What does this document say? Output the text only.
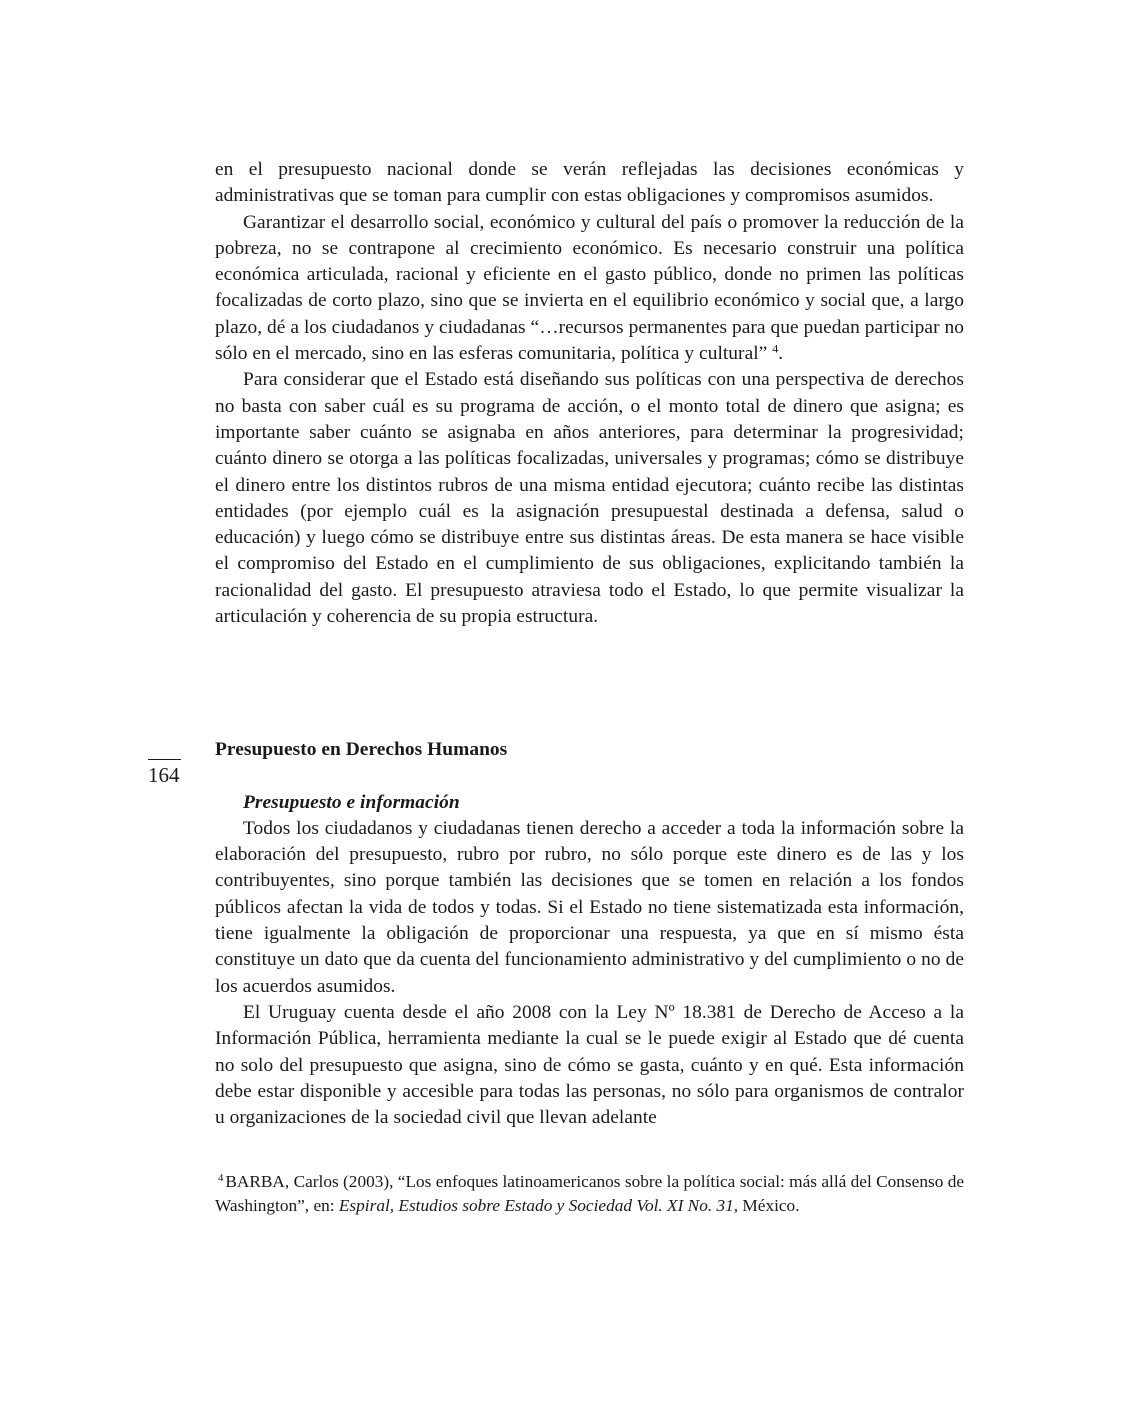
en el presupuesto nacional donde se verán reflejadas las decisiones económicas y administrativas que se toman para cumplir con estas obligaciones y compromisos asumidos.

Garantizar el desarrollo social, económico y cultural del país o promover la reducción de la pobreza, no se contrapone al crecimiento económico. Es necesario construir una política económica articulada, racional y eficiente en el gasto público, donde no primen las políticas focalizadas de corto plazo, sino que se invierta en el equilibrio económico y social que, a largo plazo, dé a los ciudadanos y ciudadanas “…recursos permanentes para que puedan participar no sólo en el mercado, sino en las esferas comunitaria, política y cultural” $^4$.

Para considerar que el Estado está diseñando sus políticas con una perspectiva de derechos no basta con saber cuál es su programa de acción, o el monto total de dinero que asigna; es importante saber cuánto se asignaba en años anteriores, para determinar la progresividad; cuánto dinero se otorga a las políticas focalizadas, universales y programas; cómo se distribuye el dinero entre los distintos rubros de una misma entidad ejecutora; cuánto recibe las distintas entidades (por ejemplo cuál es la asignación presupuestal destinada a defensa, salud o educación) y luego cómo se distribuye entre sus distintas áreas. De esta manera se hace visible el compromiso del Estado en el cumplimiento de sus obligaciones, explicitando también la racionalidad del gasto. El presupuesto atraviesa todo el Estado, lo que permite visualizar la articulación y coherencia de su propia estructura.

164

Presupuesto en Derechos Humanos

Presupuesto e información

Todos los ciudadanos y ciudadanas tienen derecho a acceder a toda la información sobre la elaboración del presupuesto, rubro por rubro, no sólo porque este dinero es de las y los contribuyentes, sino porque también las decisiones que se tomen en relación a los fondos públicos afectan la vida de todos y todas. Si el Estado no tiene sistematizada esta información, tiene igualmente la obligación de proporcionar una respuesta, ya que en sí mismo ésta constituye un dato que da cuenta del funcionamiento administrativo y del cumplimiento o no de los acuerdos asumidos.

El Uruguay cuenta desde el año 2008 con la Ley Nº 18.381 de Derecho de Acceso a la Información Pública, herramienta mediante la cual se le puede exigir al Estado que dé cuenta no solo del presupuesto que asigna, sino de cómo se gasta, cuánto y en qué. Esta información debe estar disponible y accesible para todas las personas, no sólo para organismos de contralor u organizaciones de la sociedad civil que llevan adelante

$^4$ BARBA, Carlos (2003), “Los enfoques latinoamericanos sobre la política social: más allá del Consenso de Washington”, en: Espiral, Estudios sobre Estado y Sociedad Vol. XI No. 31, México.
